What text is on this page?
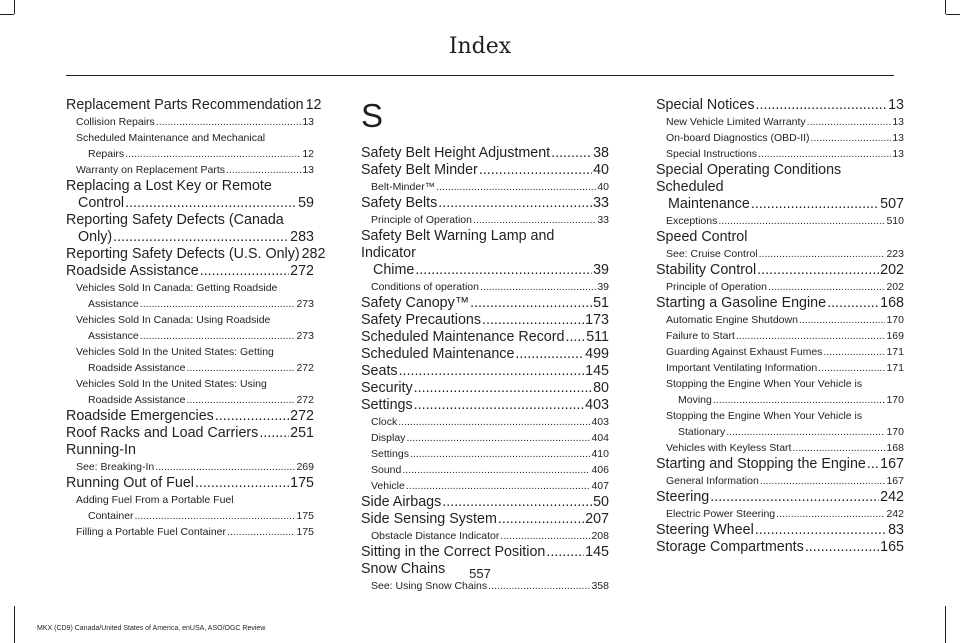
Index
Replacement Parts Recommendation 12
Collision Repairs .....	13
Scheduled Maintenance and Mechanical
Repairs .....	12
Warranty on Replacement Parts .....	13
Replacing a Lost Key or Remote
Control .....	59
Reporting Safety Defects (Canada
Only) .....	283
Reporting Safety Defects (U.S. Only) 282
Roadside Assistance .....	272
Vehicles Sold In Canada: Getting Roadside
Assistance .....	273
Vehicles Sold In Canada: Using Roadside
Assistance .....	273
Vehicles Sold In the United States: Getting
Roadside Assistance .....	272
Vehicles Sold In the United States: Using
Roadside Assistance .....	272
Roadside Emergencies .....	272
Roof Racks and Load Carriers ..... 251
Running-In
See: Breaking-In .....	269
Running Out of Fuel .....	175
Adding Fuel From a Portable Fuel
Container .....	175
Filling a Portable Fuel Container .....	175
S
Safety Belt Height Adjustment .....	38
Safety Belt Minder .....	40
Belt-Minder™ .....	40
Safety Belts .....	33
Principle of Operation .....	33
Safety Belt Warning Lamp and Indicator
Chime .....	39
Conditions of operation .....	39
Safety Canopy™ .....	51
Safety Precautions .....	173
Scheduled Maintenance Record ..... 511
Scheduled Maintenance .....	499
Seats .....	145
Security .....	80
Settings .....	403
Clock .....	403
Display .....	404
Settings .....	410
Sound .....	406
Vehicle .....	407
Side Airbags .....	50
Side Sensing System .....	207
Obstacle Distance Indicator .....	208
Sitting in the Correct Position .....	145
Snow Chains
See: Using Snow Chains .....	358
Special Notices .....	13
New Vehicle Limited Warranty .....	13
On-board Diagnostics (OBD-II) .....	13
Special Instructions .....	13
Special Operating Conditions Scheduled
Maintenance .....	507
Exceptions .....	510
Speed Control
See: Cruise Control .....	223
Stability Control .....	202
Principle of Operation .....	202
Starting a Gasoline Engine .....	168
Automatic Engine Shutdown .....	170
Failure to Start .....	169
Guarding Against Exhaust Fumes .....	171
Important Ventilating Information .....	171
Stopping the Engine When Your Vehicle is
Moving .....	170
Stopping the Engine When Your Vehicle is
Stationary .....	170
Vehicles with Keyless Start .....	168
Starting and Stopping the Engine ..... 167
General Information .....	167
Steering .....	242
Electric Power Steering .....	242
Steering Wheel .....	83
Storage Compartments .....	165
557
MKX (CD9) Canada/United States of America, enUSA, ASO/OGC Review
